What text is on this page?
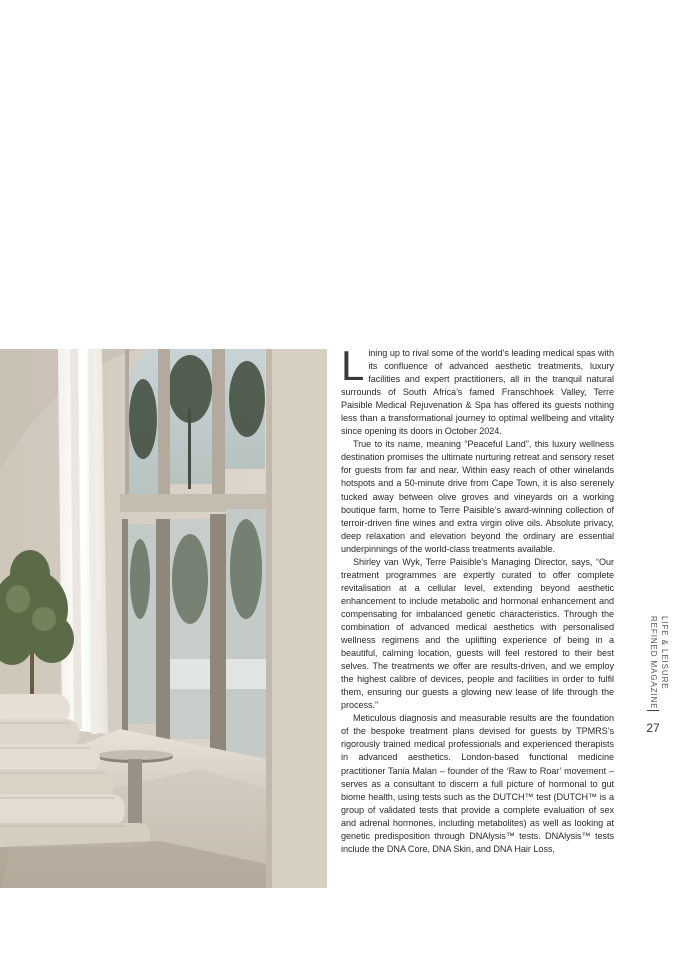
Lining up to rival some of the world’s leading medical spas with its confluence of advanced aesthetic treatments, luxury facilities and expert practitioners, all in the tranquil natural surrounds of South Africa’s famed Franschhoek Valley, Terre Paisible Medical Rejuvenation & Spa has offered its guests nothing less than a transformational journey to optimal wellbeing and vitality since opening its doors in October 2024.

True to its name, meaning “Peaceful Land”, this luxury wellness destination promises the ultimate nurturing retreat and sensory reset for guests from far and near. Within easy reach of other winelands hotspots and a 50-minute drive from Cape Town, it is also serenely tucked away between olive groves and vineyards on a working boutique farm, home to Terre Paisible’s award-winning collection of terroir-driven fine wines and extra virgin olive oils. Absolute privacy, deep relaxation and elevation beyond the ordinary are essential underpinnings of the world-class treatments available.

Shirley van Wyk, Terre Paisible’s Managing Director, says, “Our treatment programmes are expertly curated to offer complete revitalisation at a cellular level, extending beyond aesthetic enhancement to include metabolic and hormonal enhancement and compensating for imbalanced genetic characteristics. Through the combination of advanced medical aesthetics with personalised wellness regimens and the uplifting experience of being in a beautiful, calming location, guests will feel restored to their best selves. The treatments we offer are results-driven, and we employ the highest calibre of devices, people and facilities in order to fulfil them, ensuring our guests a glowing new lease of life through the process.”

Meticulous diagnosis and measurable results are the foundation of the bespoke treatment plans devised for guests by TPMRS’s rigorously trained medical professionals and experienced therapists in advanced aesthetics. London-based functional medicine practitioner Tania Malan – founder of the ‘Raw to Roar’ movement – serves as a consultant to discern a full picture of hormonal to gut biome health, using tests such as the DUTCH™ test (DUTCH™ is a group of validated tests that provide a complete evaluation of sex and adrenal hormones, including metabolites) as well as looking at genetic predisposition through DNAlysis™ tests. DNAlysis™ tests include the DNA Core, DNA Skin, and DNA Hair Loss,

LIFE & LEISURE
REFINED MAGAZINE
27
